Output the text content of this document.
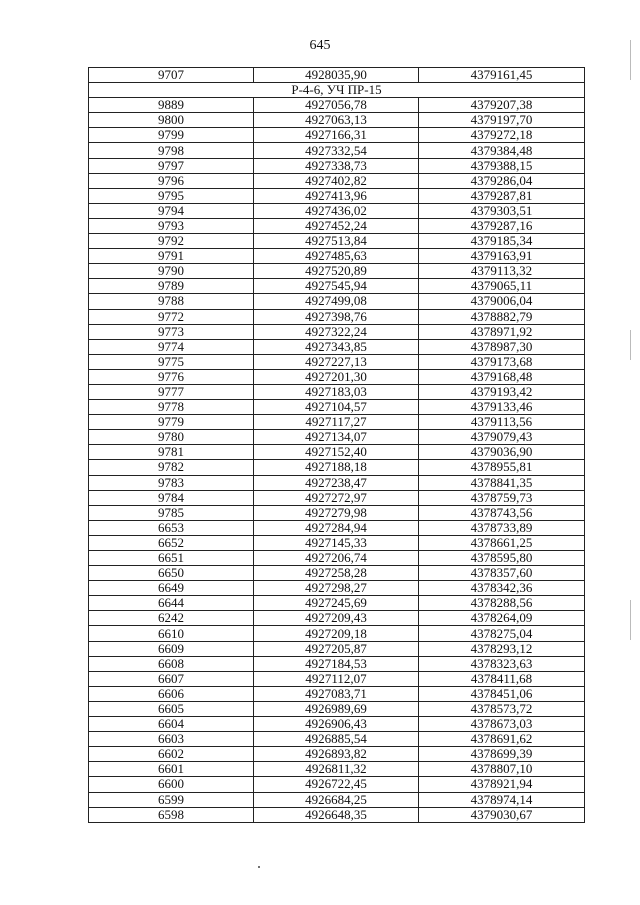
645
9707	4928035,90	4379161,45
Р-4-6, УЧ ПР-15		
9889	4927056,78	4379207,38
9800	4927063,13	4379197,70
9799	4927166,31	4379272,18
9798	4927332,54	4379384,48
9797	4927338,73	4379388,15
9796	4927402,82	4379286,04
9795	4927413,96	4379287,81
9794	4927436,02	4379303,51
9793	4927452,24	4379287,16
9792	4927513,84	4379185,34
9791	4927485,63	4379163,91
9790	4927520,89	4379113,32
9789	4927545,94	4379065,11
9788	4927499,08	4379006,04
9772	4927398,76	4378882,79
9773	4927322,24	4378971,92
9774	4927343,85	4378987,30
9775	4927227,13	4379173,68
9776	4927201,30	4379168,48
9777	4927183,03	4379193,42
9778	4927104,57	4379133,46
9779	4927117,27	4379113,56
9780	4927134,07	4379079,43
9781	4927152,40	4379036,90
9782	4927188,18	4378955,81
9783	4927238,47	4378841,35
9784	4927272,97	4378759,73
9785	4927279,98	4378743,56
6653	4927284,94	4378733,89
6652	4927145,33	4378661,25
6651	4927206,74	4378595,80
6650	4927258,28	4378357,60
6649	4927298,27	4378342,36
6644	4927245,69	4378288,56
6242	4927209,43	4378264,09
6610	4927209,18	4378275,04
6609	4927205,87	4378293,12
6608	4927184,53	4378323,63
6607	4927112,07	4378411,68
6606	4927083,71	4378451,06
6605	4926989,69	4378573,72
6604	4926906,43	4378673,03
6603	4926885,54	4378691,62
6602	4926893,82	4378699,39
6601	4926811,32	4378807,10
6600	4926722,45	4378921,94
6599	4926684,25	4378974,14
6598	4926648,35	4379030,67
